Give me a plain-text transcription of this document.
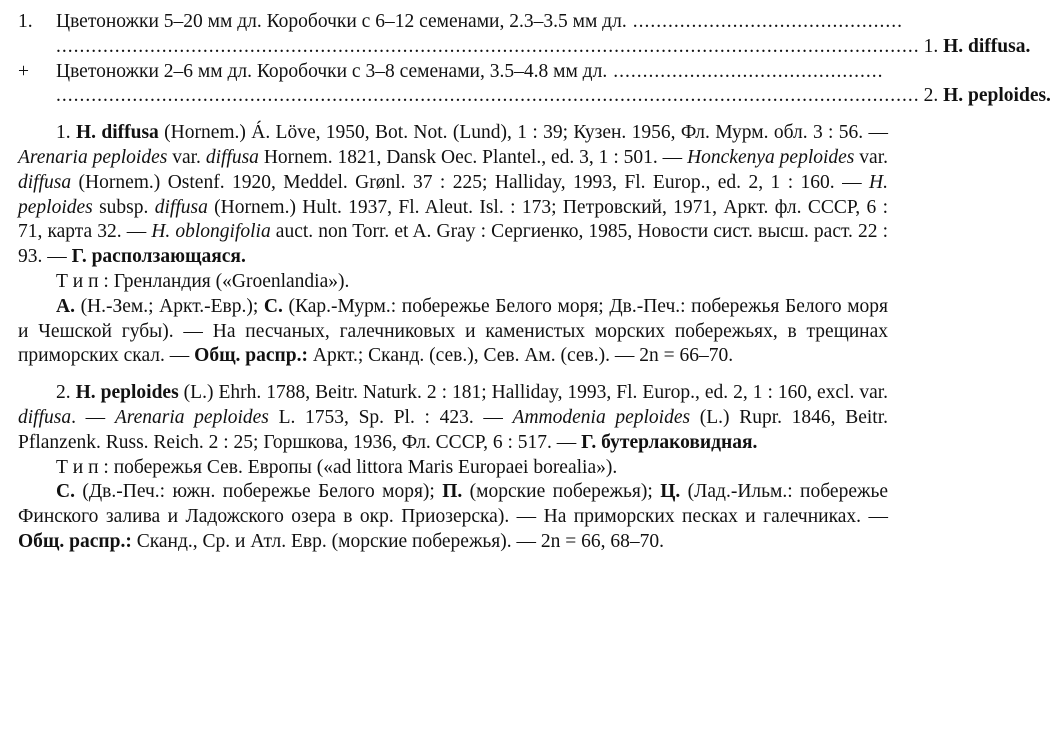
1.	Цветоножки 5–20 мм дл. Коробочки с 6–12 семенами, 2.3–3.5 мм дл. ..............................................
................................................................................................................................................... 1. H. diffusa.
+	Цветоножки 2–6 мм дл. Коробочки с 3–8 семенами, 3.5–4.8 мм дл. ..............................................
................................................................................................................................................... 2. H. peploides.

1. H. diffusa (Hornem.) Á. Löve, 1950, Bot. Not. (Lund), 1 : 39; Кузен. 1956, Фл. Мурм. обл. 3 : 56. — Arenaria peploides var. diffusa Hornem. 1821, Dansk Oec. Plantel., ed. 3, 1 : 501. — Honckenya peploides var. diffusa (Hornem.) Ostenf. 1920, Meddel. Grønl. 37 : 225; Halliday, 1993, Fl. Europ., ed. 2, 1 : 160. — H. peploides subsp. diffusa (Hornem.) Hult. 1937, Fl. Aleut. Isl. : 173; Петровский, 1971, Аркт. фл. СССР, 6 : 71, карта 32. — H. oblongifolia auct. non Torr. et A. Gray : Сергиенко, 1985, Новости сист. высш. раст. 22 : 93. — Г. расползающаяся.

Т и п : Гренландия («Groenlandia»).

А. (Н.-Зем.; Аркт.-Евр.); С. (Кар.-Мурм.: побережье Белого моря; Дв.-Печ.: побережья Белого моря и Чешской губы). — На песчаных, галечниковых и каменистых морских побережьях, в трещинах приморских скал. — Общ. распр.: Аркт.; Сканд. (сев.), Сев. Ам. (сев.). — 2n = 66–70.

2. H. peploides (L.) Ehrh. 1788, Beitr. Naturk. 2 : 181; Halliday, 1993, Fl. Europ., ed. 2, 1 : 160, excl. var. diffusa. — Arenaria peploides L. 1753, Sp. Pl. : 423. — Ammodenia peploides (L.) Rupr. 1846, Beitr. Pflanzenk. Russ. Reich. 2 : 25; Горшкова, 1936, Фл. СССР, 6 : 517. — Г. бутерлаковидная.

Т и п : побережья Сев. Европы («ad littora Maris Europaei borealia»).

С. (Дв.-Печ.: южн. побережье Белого моря); П. (морские побережья); Ц. (Лад.-Ильм.: побережье Финского залива и Ладожского озера в окр. Приозерска). — На приморских песках и галечниках. — Общ. распр.: Сканд., Ср. и Атл. Евр. (морские побережья). — 2n = 66, 68–70.
